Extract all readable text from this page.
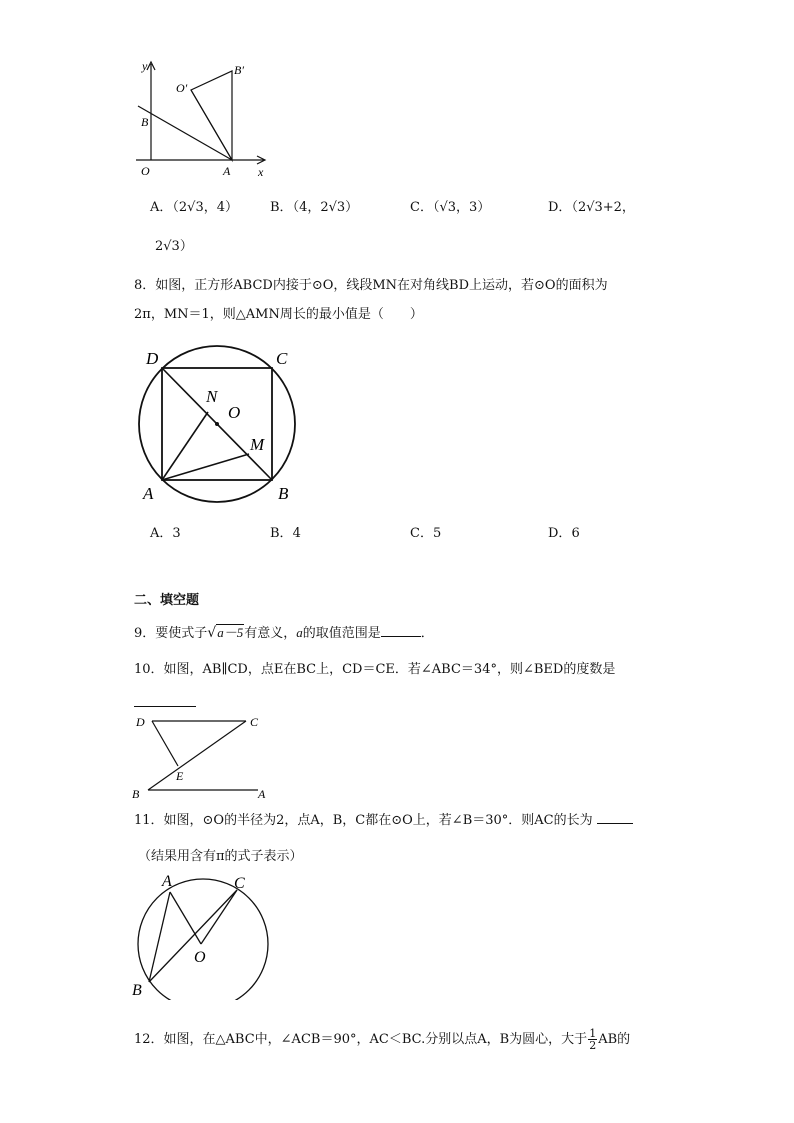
y
x
O	A
B
B′
O′
A．（2√3，4） B．（4，2√3）	C．（√3，3）	D．（2√3+2，
2√3）
8．如图，正方形ABCD内接于⊙O，线段MN在对角线BD上运动，若⊙O的面积为
2π，MN＝1，则△AMN周长的最小值是（　　）
D	C
A	B
N
O
M
A．3	B．4	C．5	D．6
二、填空题
9．要使式子√a－5有意义，a的取值范围是	．
10．如图，AB∥CD，点E在BC上，CD＝CE．若∠ABC＝34°，则∠BED的度数是
D	C
E
B	A
11．如图，⊙O的半径为2，点A，B，C都在⊙O上，若∠B＝30°．则AC的长为
（结果用含有π的式子表示）
A	C
O
B
12．如图，在△ABC中，∠ACB＝90°，AC＜BC.分别以点A，B为圆心，大于 $\frac{1}{2}$ AB的
